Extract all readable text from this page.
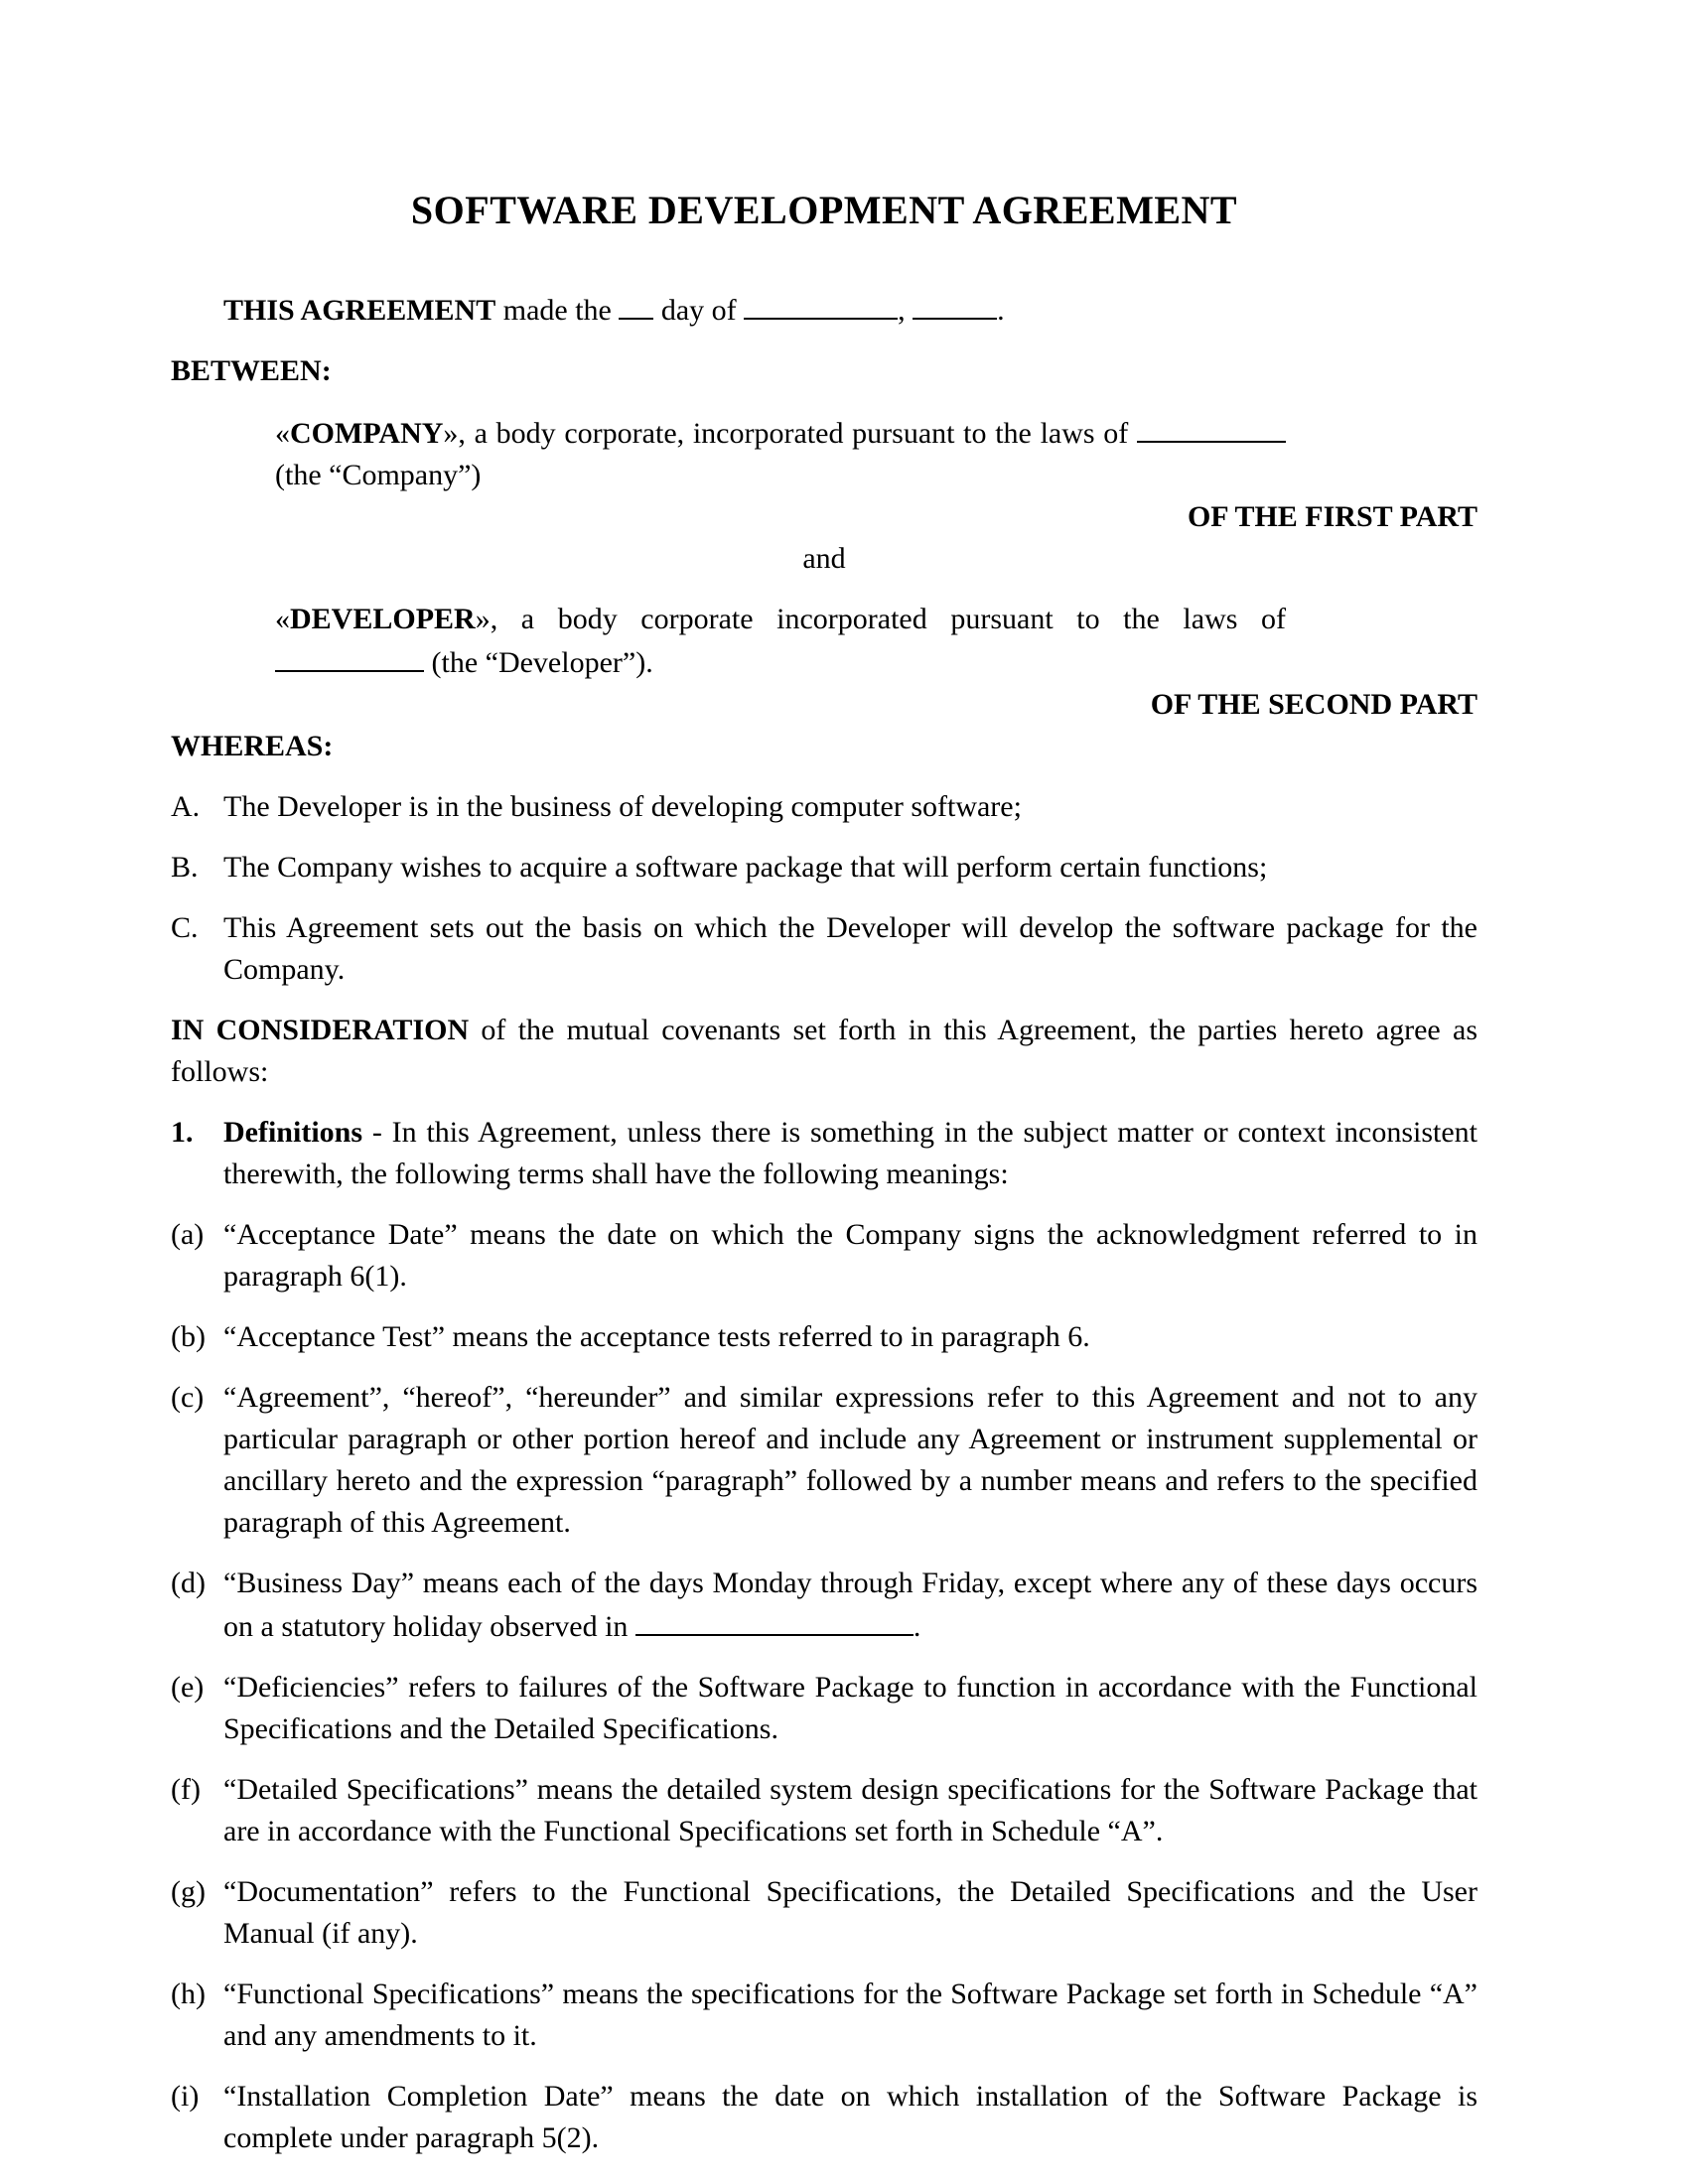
SOFTWARE DEVELOPMENT AGREEMENT

THIS AGREEMENT made the  day of	,	.

BETWEEN:

«COMPANY», a body corporate, incorporated pursuant to the laws of  (the “Company”)
OF THE FIRST PART
and
«DEVELOPER», a body corporate incorporated pursuant to the laws of  (the “Developer”).
OF THE SECOND PART

WHEREAS:

A. The Developer is in the business of developing computer software;
B. The Company wishes to acquire a software package that will perform certain functions;
C. This Agreement sets out the basis on which the Developer will develop the software package for the Company.

IN CONSIDERATION of the mutual covenants set forth in this Agreement, the parties hereto agree as follows:

1. Definitions - In this Agreement, unless there is something in the subject matter or context inconsistent therewith, the following terms shall have the following meanings:
(a) “Acceptance Date” means the date on which the Company signs the acknowledgment referred to in paragraph 6(1).
(b) “Acceptance Test” means the acceptance tests referred to in paragraph 6.
(c) “Agreement”, “hereof”, “hereunder” and similar expressions refer to this Agreement and not to any particular paragraph or other portion hereof and include any Agreement or instrument supplemental or ancillary hereto and the expression “paragraph” followed by a number means and refers to the specified paragraph of this Agreement.
(d) “Business Day” means each of the days Monday through Friday, except where any of these days occurs on a statutory holiday observed in	.
(e) “Deficiencies” refers to failures of the Software Package to function in accordance with the Functional Specifications and the Detailed Specifications.
(f) “Detailed Specifications” means the detailed system design specifications for the Software Package that are in accordance with the Functional Specifications set forth in Schedule “A”.
(g) “Documentation” refers to the Functional Specifications, the Detailed Specifications and the User Manual (if any).
(h) “Functional Specifications” means the specifications for the Software Package set forth in Schedule “A” and any amendments to it.
(i) “Installation Completion Date” means the date on which installation of the Software Package is complete under paragraph 5(2).
